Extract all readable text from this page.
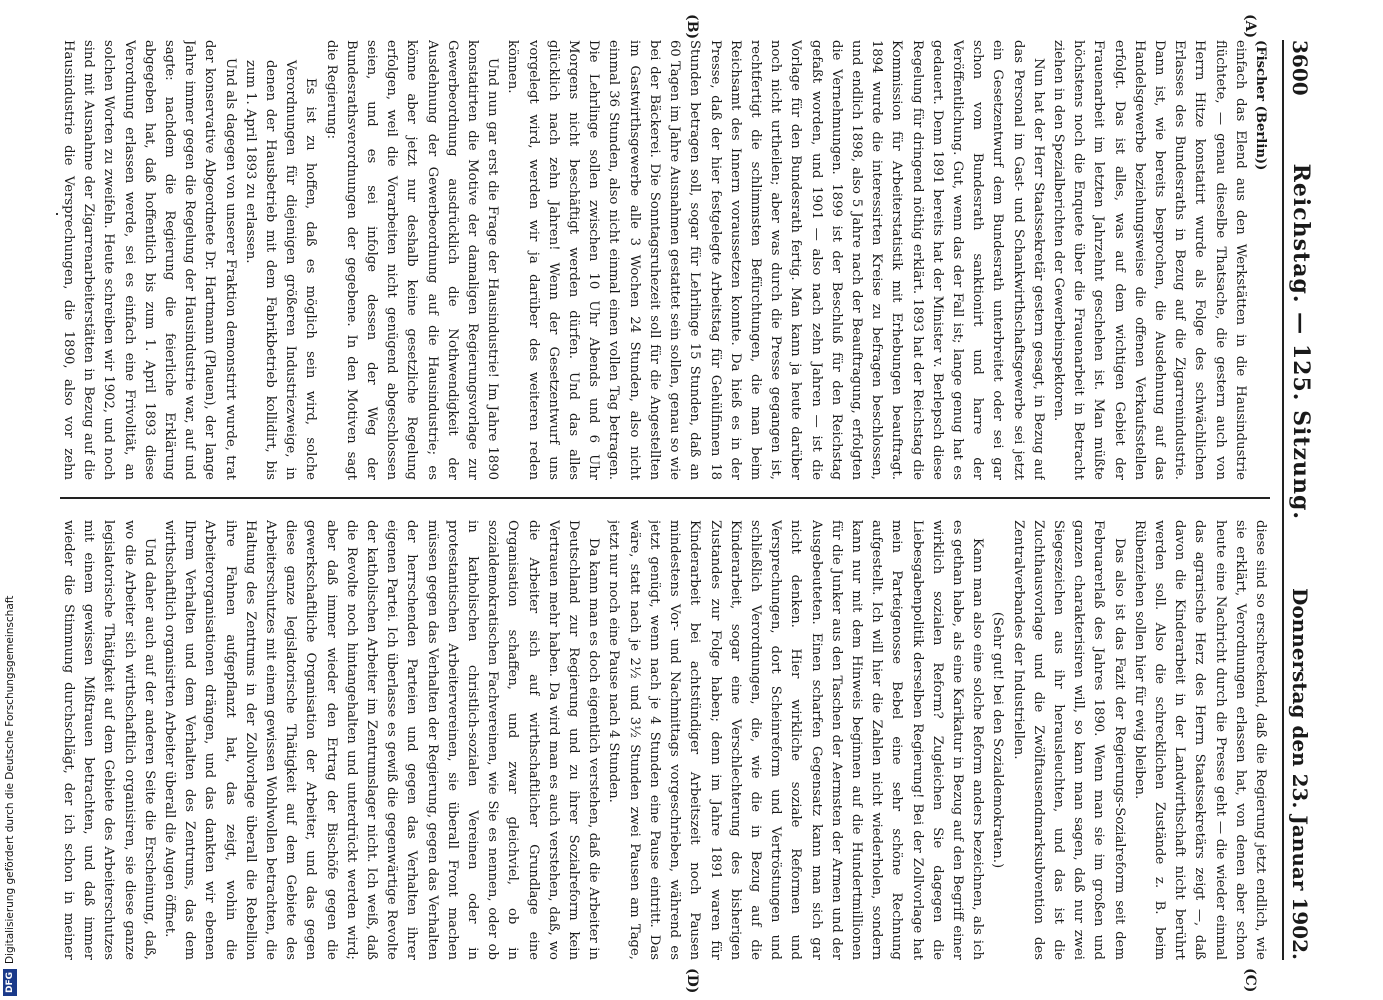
DFG
Digitalisierung gefördert durch die Deutsche Forschungsgemeinschaft
3600
Reichstag. — 125. Sitzung.
Donnerstag den 23. Januar 1902.
(A)
(B)
(C)
(D)

(Fischer (Berlin))

einfach das Elend aus den Werkstätten in die Hausindustrie flüchtete, — genau dieselbe Thatsache, die gestern auch von Herrn Hitze konstatirt wurde als Folge des schwächlichen Erlasses des Bundesraths in Bezug auf die Zigarrenindustrie. Dann ist, wie bereits besprochen, die Ausdehnung auf das Handelsgewerbe beziehungsweise die offenen Verkaufsstellen erfolgt. Das ist alles, was auf dem wichtigen Gebiet der Frauenarbeit im letzten Jahrzehnt geschehen ist. Man müßte höchstens noch die Enquete über die Frauenarbeit in Betracht ziehen in den Spezialberichten der Gewerbeinspektoren.

Nun hat der Herr Staatssekretär gestern gesagt, in Bezug auf das Personal im Gast- und Schankwirthschaftsgewerbe sei jetzt ein Gesetzentwurf dem Bundesrath unterbreitet oder sei gar schon vom Bundesrath sanktionirt und harre der Veröffentlichung. Gut, wenn das der Fall ist; lange genug hat es gedauert. Denn 1891 bereits hat der Minister v. Berlepsch diese Regelung für dringend nöthig erklärt. 1893 hat der Reichstag die Kommission für Arbeiterstatistik mit Erhebungen beauftragt. 1894 wurde die interessirten Kreise zu befragen beschlossen, und endlich 1898, also 5 Jahre nach der Beauftragung, erfolgten die Vernehmungen. 1899 ist der Beschluß für den Reichstag gefaßt worden, und 1901 — also nach zehn Jahren — ist die Vorlage für den Bundesrath fertig. Man kann ja heute darüber noch nicht urtheilen; aber was durch die Presse gegangen ist, rechtfertigt die schlimmsten Befürchtungen, die man beim Reichsamt des Innern voraussetzen konnte. Da hieß es in der Presse, daß der hier festgelegte Arbeitstag für Gehülfinnen 18 Stunden betragen soll, sogar für Lehrlinge 15 Stunden, daß an 60 Tagen im Jahre Ausnahmen gestattet sein sollen, genau so wie bei der Bäckerei. Die Sonntagsruhezeit soll für die Angestellten im Gastwirthsgewerbe alle 3 Wochen 24 Stunden, also nicht einmal 36 Stunden, also nicht einmal einen vollen Tag betragen. Die Lehrlinge sollen zwischen 10 Uhr Abends und 6 Uhr Morgens nicht beschäftigt werden dürfen. Und das alles glücklich nach zehn Jahren! Wenn der Gesetzentwurf uns vorgelegt wird, werden wir ja darüber des weiteren reden können.

Und nun gar erst die Frage der Hausindustrie! Im Jahre 1890 konstatirten die Motive der damaligen Regierungsvorlage zur Gewerbeordnung ausdrücklich die Nothwendigkeit der Ausdehnung der Gewerbeordnung auf die Hausindustrie; es könne aber jetzt nur deshalb keine gesetzliche Regelung erfolgen, weil die Vorarbeiten nicht genügend abgeschlossen seien, und es sei infolge dessen der Weg der Bundesrathsverordnungen der gegebene. In den Motiven sagt die Regierung:

Es ist zu hoffen, daß es möglich sein wird, solche Verordnungen für diejenigen größeren Industriezweige, in denen der Hausbetrieb mit dem Fabrikbetrieb kollidirt, bis zum 1. April 1893 zu erlassen.

Und als dagegen von unserer Fraktion demonstrirt wurde, trat der konservative Abgeordnete Dr. Hartmann (Plauen), der lange Jahre immer gegen die Regelung der Hausindustrie war, auf und sagte: nachdem die Regierung die feierliche Erklärung abgegeben hat, daß hoffentlich bis zum 1. April 1893 diese Verordnung erlassen werde, sei es einfach eine Frivolität, an solchen Worten zu zweifeln. Heute schreiben wir 1902, und noch sind mit Ausnahme der Zigarrenarbeiterstätten in Bezug auf die Hausindustrie die Versprechungen, die 1890, also vor zehn

diese sind so erschreckend, daß die Regierung jetzt endlich, wie sie erklärt, Verordnungen erlassen hat, von denen aber schon heute eine Nachricht durch die Presse geht — die wieder einmal das agrarische Herz des Herrn Staatssekretärs zeigt —, daß davon die Kinderarbeit in der Landwirthschaft nicht berührt werden soll. Also die schrecklichen Zustände z. B. beim Rübenziehen sollen hier für ewig bleiben.

Das also ist das Fazit der Regierungs-Sozialreform seit dem Februarerlaß des Jahres 1890. Wenn man sie im großen und ganzen charakterisiren will, so kann man sagen, daß nur zwei Siegeszeichen aus ihr herausleuchten, und das ist die Zuchthausvorlage und die Zwölftausendmarksubvention des Zentralverbandes der Industriellen.

(Sehr gut! bei den Sozialdemokraten.)

Kann man also eine solche Reform anders bezeichnen, als ich es gethan habe, als eine Karikatur in Bezug auf den Begriff einer wirklich sozialen Reform? Zugleichen Sie dagegen die Liebesgabenpolitik derselben Regierung! Bei der Zollvorlage hat mein Parteigenosse Bebel eine sehr schöne Rechnung aufgestellt. Ich will hier die Zahlen nicht wiederholen, sondern kann nur mit dem Hinweis beginnen auf die Hundertmillionen für die Junker aus den Taschen der Aermsten der Armen und der Ausgebeuteten. Einen scharfen Gegensatz kann man sich gar nicht denken. Hier wirkliche soziale Reformen und Versprechungen, dort Scheinreform und Vertröstungen und schließlich Verordnungen, die, wie die in Bezug auf die Kinderarbeit, sogar eine Verschlechterung des bisherigen Zustandes zur Folge haben; denn im Jahre 1891 waren für Kinderarbeit bei achtstündiger Arbeitszeit noch Pausen mindestens Vor- und Nachmittags vorgeschrieben, während es jetzt genügt, wenn nach je 4 Stunden eine Pause eintritt. Das wäre, statt nach je 2½ und 3½ Stunden zwei Pausen am Tage, jetzt nur noch eine Pause nach 4 Stunden.

Da kann man es doch eigentlich verstehen, daß die Arbeiter in Deutschland zur Regierung und zu ihrer Sozialreform kein Vertrauen mehr haben. Da wird man es auch verstehen, daß, wo die Arbeiter sich auf wirthschaftlicher Grundlage eine Organisation schaffen, und zwar gleichviel, ob in sozialdemokratischen Fachvereinen, wie Sie es nennen, oder ob in katholischen christlich-sozialen Vereinen oder in protestantischen Arbeitervereinen, sie überall Front machen müssen gegen das Verhalten der Regierung, gegen das Verhalten der herrschenden Parteien und gegen das Verhalten ihrer eigenen Partei. Ich überlasse es gewiß die gegenwärtige Revolte der katholischen Arbeiter im Zentrumslager nicht. Ich weiß, daß die Revolte noch hintangehalten und unterdrückt werden wird; aber daß immer wieder den Ertrag der Bischöfe gegen die gewerkschaftliche Organisation der Arbeiter, und das gegen diese ganze legislatorische Thätigkeit auf dem Gebiete des Arbeiterschutzes mit einem gewissen Wohlwollen betrachten, die Haltung des Zentrums in der Zollvorlage überall die Rebellion ihre Fahnen aufgepflanzt hat, das zeigt, wohin die Arbeiterorganisationen drängen, und das dankten wir ebenen Ihrem Verhalten und dem Verhalten des Zentrums, das dem wirthschaftlich organisirten Arbeiter überall die Augen öffnet.

Und daher auch auf der anderen Seite die Erscheinung, daß, wo die Arbeiter sich wirthschaftlich organisiren, sie diese ganze legislatorische Thätigkeit auf dem Gebiete des Arbeiterschutzes mit einem gewissen Mißtrauen betrachten, und daß immer wieder die Stimmung durchschlägt, der ich schon in meiner
